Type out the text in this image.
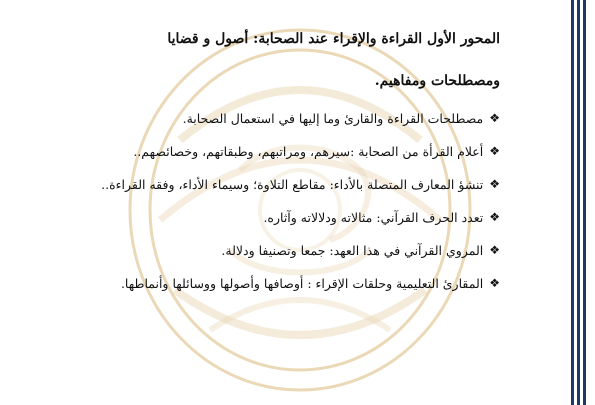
المحور الأول القراءة والإقراء عند الصحابة: أصول و قضايا ومصطلحات ومفاهيم.
❖
مصطلحات القراءة والقارئ وما إليها في استعمال الصحابة.
❖
أعلام القرأة من الصحابة :سيرهم، ومراتبهم، وطبقاتهم، وخصائصهم..
❖
تنشؤ المعارف المتصلة بالأداء: مقاطع التلاوة؛ وسيماء الأداء، وفقه القراءة..
❖
تعدد الحرف القرآني: مثالاته ودلالاته وآثاره.
❖
المروي القرآني في هذا العهد: جمعا وتصنيفا ودلالة.
❖
المقارئ التعليمية وحلقات الإقراء : أوصافها وأصولها ووسائلها وأنماطها.
